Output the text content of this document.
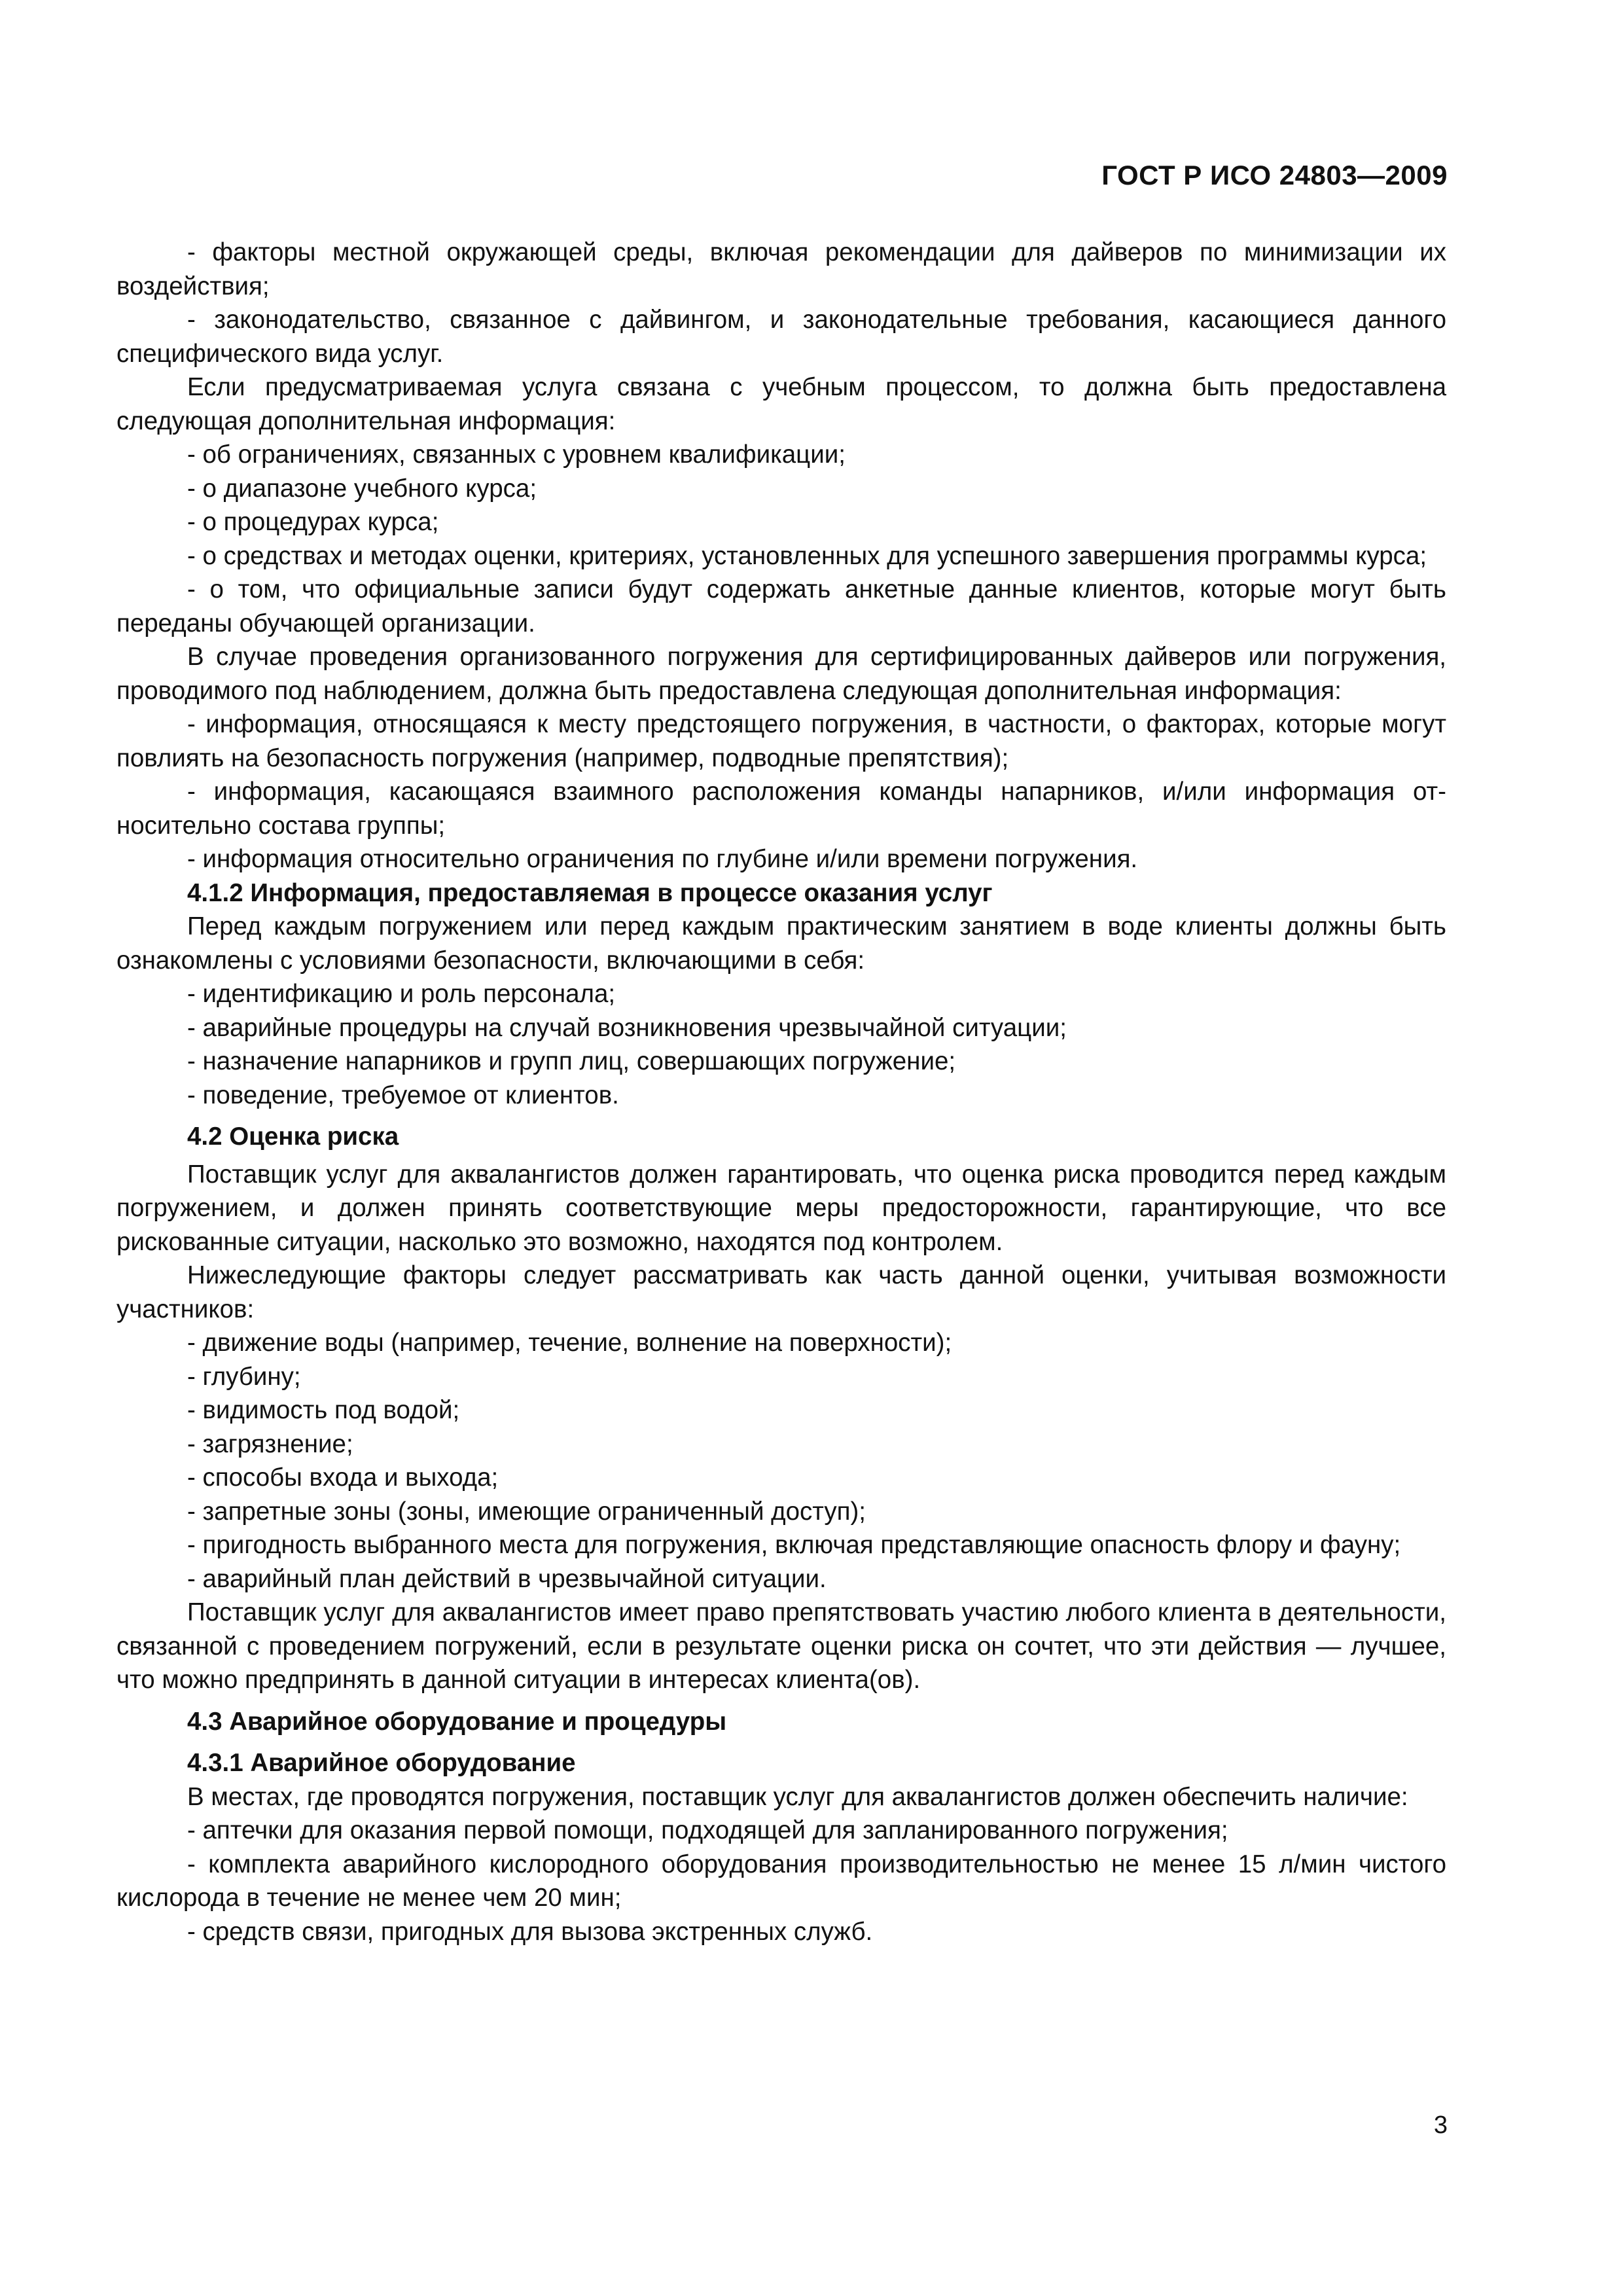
ГОСТ Р ИСО 24803—2009

- факторы местной окружающей среды, включая рекомендации для дайверов по минимизации их воздействия;

- законодательство, связанное с дайвингом, и законодательные требования, касающиеся данного специфического вида услуг.

Если предусматриваемая услуга связана с учебным процессом, то должна быть предоставлена следующая дополнительная информация:

- об ограничениях, связанных с уровнем квалификации;

- о диапазоне учебного курса;

- о процедурах курса;

- о средствах и методах оценки, критериях, установленных для успешного завершения программы курса;

- о том, что официальные записи будут содержать анкетные данные клиентов, которые могут быть переданы обучающей организации.

В случае проведения организованного погружения для сертифицированных дайверов или погружения, проводимого под наблюдением, должна быть предоставлена следующая дополнительная информация:

- информация, относящаяся к месту предстоящего погружения, в частности, о факторах, которые могут повлиять на безопасность погружения (например, подводные препятствия);

- информация, касающаяся взаимного расположения команды напарников, и/или информация относительно состава группы;

- информация относительно ограничения по глубине и/или времени погружения.

4.1.2 Информация, предоставляемая в процессе оказания услуг

Перед каждым погружением или перед каждым практическим занятием в воде клиенты должны быть ознакомлены с условиями безопасности, включающими в себя:

- идентификацию и роль персонала;

- аварийные процедуры на случай возникновения чрезвычайной ситуации;

- назначение напарников и групп лиц, совершающих погружение;

- поведение, требуемое от клиентов.

4.2 Оценка риска

Поставщик услуг для аквалангистов должен гарантировать, что оценка риска проводится перед каждым погружением, и должен принять соответствующие меры предосторожности, гарантирующие, что все рискованные ситуации, насколько это возможно, находятся под контролем.

Нижеследующие факторы следует рассматривать как часть данной оценки, учитывая возможности участников:

- движение воды (например, течение, волнение на поверхности);

- глубину;

- видимость под водой;

- загрязнение;

- способы входа и выхода;

- запретные зоны (зоны, имеющие ограниченный доступ);

- пригодность выбранного места для погружения, включая представляющие опасность флору и фауну;

- аварийный план действий в чрезвычайной ситуации.

Поставщик услуг для аквалангистов имеет право препятствовать участию любого клиента в деятельности, связанной с проведением погружений, если в результате оценки риска он сочтет, что эти действия — лучшее, что можно предпринять в данной ситуации в интересах клиента(ов).

4.3 Аварийное оборудование и процедуры
4.3.1 Аварийное оборудование

В местах, где проводятся погружения, поставщик услуг для аквалангистов должен обеспечить наличие:

- аптечки для оказания первой помощи, подходящей для запланированного погружения;

- комплекта аварийного кислородного оборудования производительностью не менее 15 л/мин чистого кислорода в течение не менее чем 20 мин;

- средств связи, пригодных для вызова экстренных служб.

3
